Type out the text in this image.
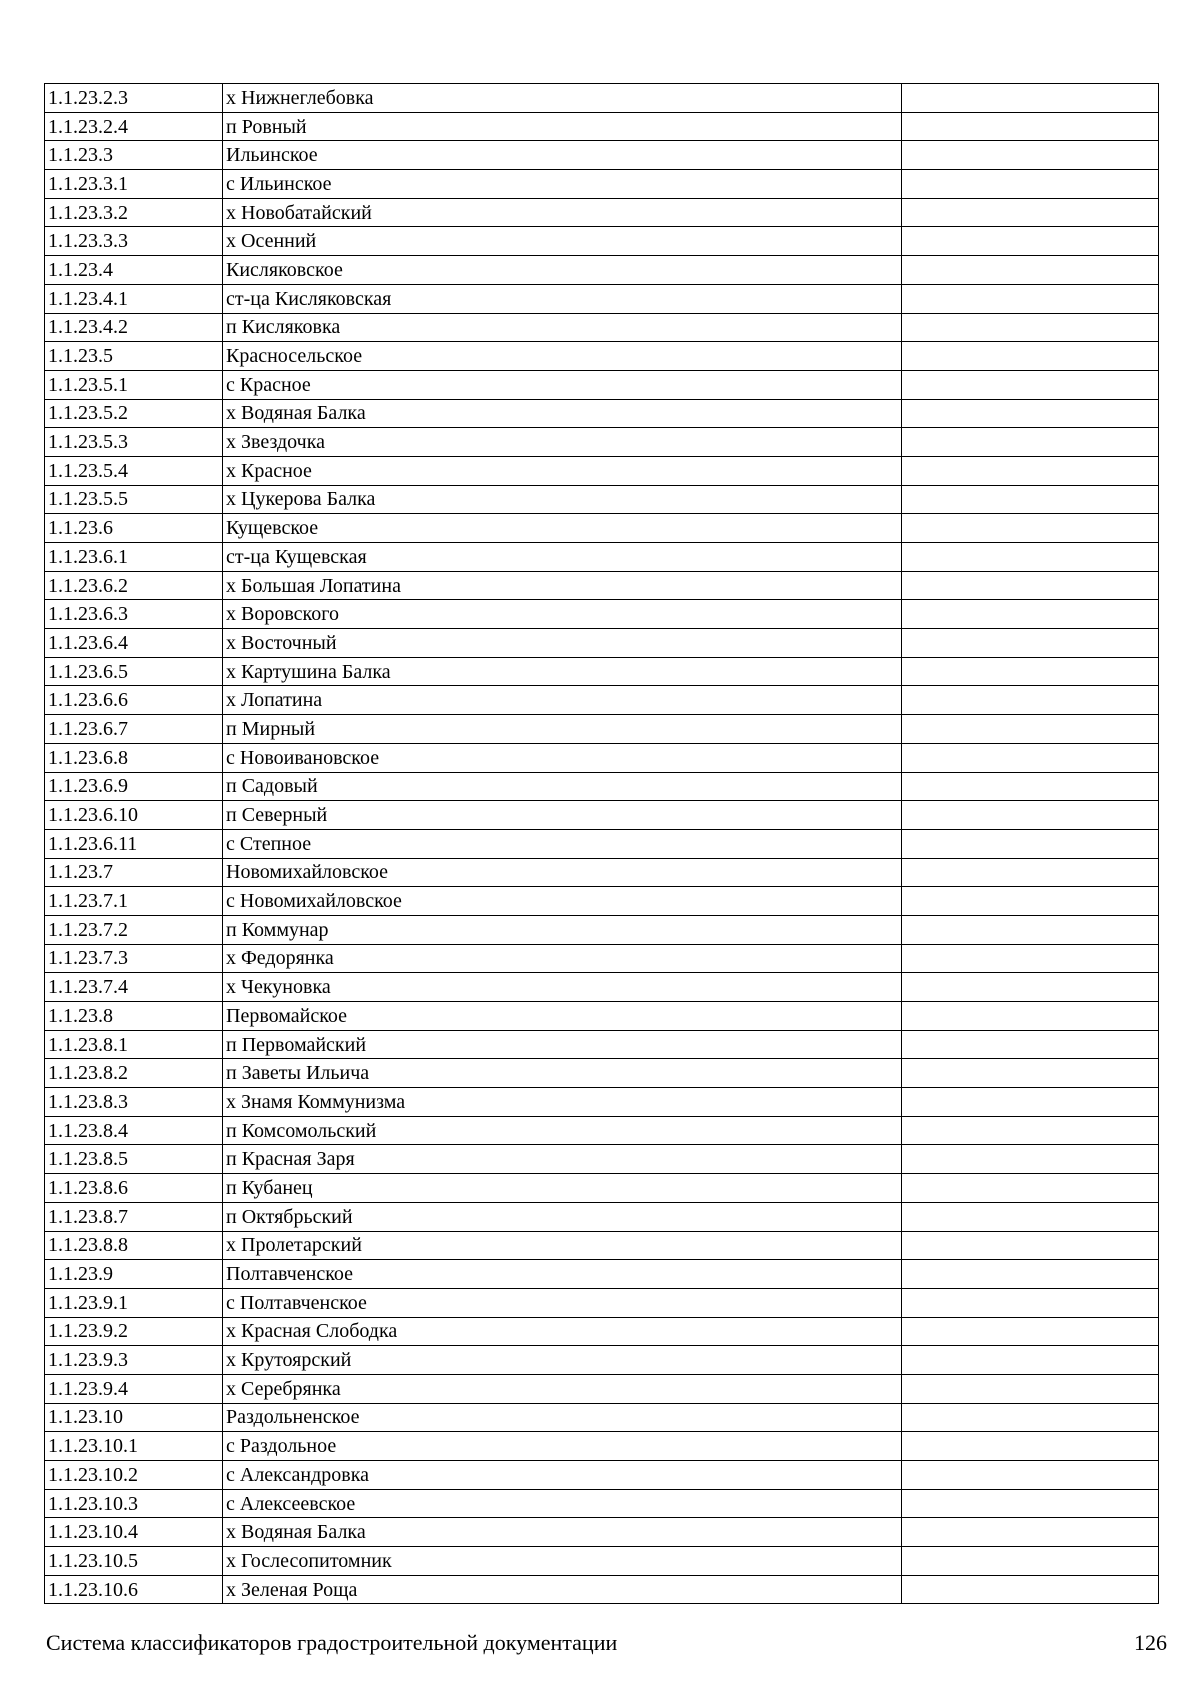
1.1.23.2.3	х Нижнеглебовка	
1.1.23.2.4	п Ровный	
1.1.23.3	Ильинское	
1.1.23.3.1	с Ильинское	
1.1.23.3.2	х Новобатайский	
1.1.23.3.3	х Осенний	
1.1.23.4	Кисляковское	
1.1.23.4.1	ст-ца Кисляковская	
1.1.23.4.2	п Кисляковка	
1.1.23.5	Красносельское	
1.1.23.5.1	с Красное	
1.1.23.5.2	х Водяная Балка	
1.1.23.5.3	х Звездочка	
1.1.23.5.4	х Красное	
1.1.23.5.5	х Цукерова Балка	
1.1.23.6	Кущевское	
1.1.23.6.1	ст-ца Кущевская	
1.1.23.6.2	х Большая Лопатина	
1.1.23.6.3	х Воровского	
1.1.23.6.4	х Восточный	
1.1.23.6.5	х Картушина Балка	
1.1.23.6.6	х Лопатина	
1.1.23.6.7	п Мирный	
1.1.23.6.8	с Новоивановское	
1.1.23.6.9	п Садовый	
1.1.23.6.10	п Северный	
1.1.23.6.11	с Степное	
1.1.23.7	Новомихайловское	
1.1.23.7.1	с Новомихайловское	
1.1.23.7.2	п Коммунар	
1.1.23.7.3	х Федорянка	
1.1.23.7.4	х Чекуновка	
1.1.23.8	Первомайское	
1.1.23.8.1	п Первомайский	
1.1.23.8.2	п Заветы Ильича	
1.1.23.8.3	х Знамя Коммунизма	
1.1.23.8.4	п Комсомольский	
1.1.23.8.5	п Красная Заря	
1.1.23.8.6	п Кубанец	
1.1.23.8.7	п Октябрьский	
1.1.23.8.8	х Пролетарский	
1.1.23.9	Полтавченское	
1.1.23.9.1	с Полтавченское	
1.1.23.9.2	х Красная Слободка	
1.1.23.9.3	х Крутоярский	
1.1.23.9.4	х Серебрянка	
1.1.23.10	Раздольненское	
1.1.23.10.1	с Раздольное	
1.1.23.10.2	с Александровка	
1.1.23.10.3	с Алексеевское	
1.1.23.10.4	х Водяная Балка	
1.1.23.10.5	х Гослесопитомник	
1.1.23.10.6	х Зеленая Роща	
Система классификаторов градостроительной документации	126
